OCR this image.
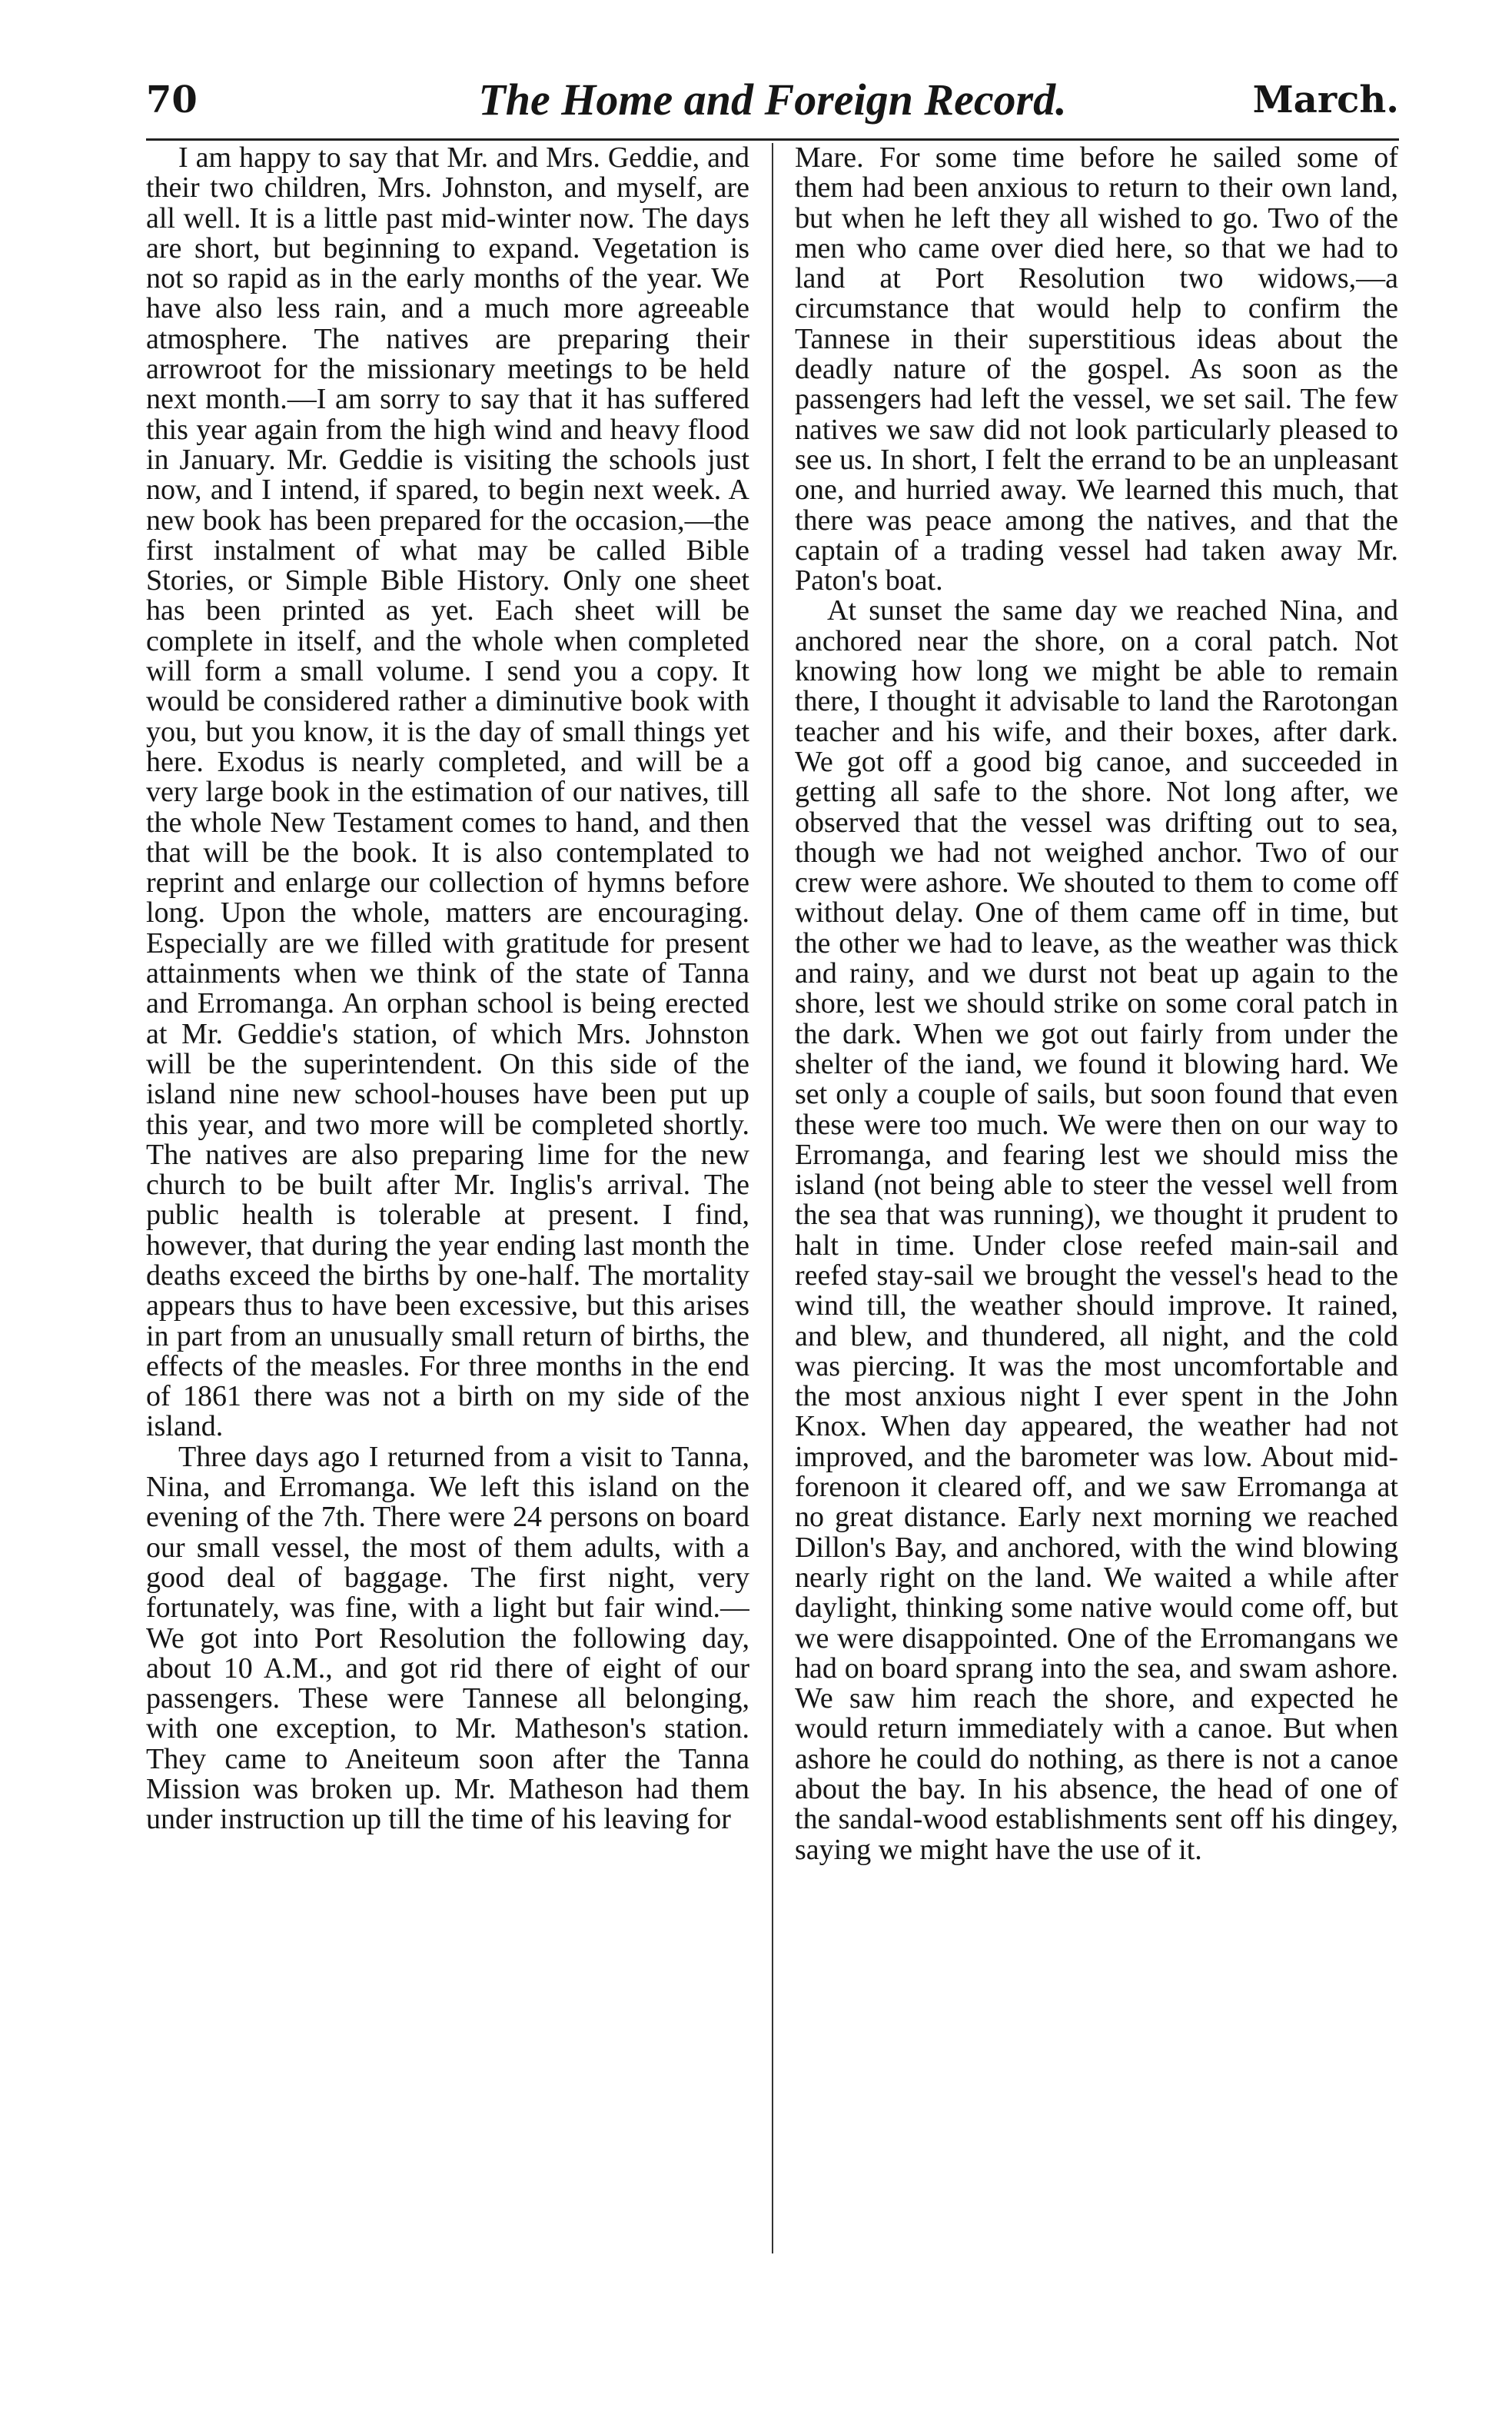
70	The Home and Foreign Record.	March.

I am happy to say that Mr. and Mrs. Geddie, and their two children, Mrs. Johnston, and myself, are all well. It is a little past mid-winter now. The days are short, but beginning to expand. Vegetation is not so rapid as in the early months of the year. We have also less rain, and a much more agreeable atmosphere. The natives are preparing their arrowroot for the missionary meetings to be held next month.—I am sorry to say that it has suffered this year again from the high wind and heavy flood in January. Mr. Geddie is visiting the schools just now, and I intend, if spared, to begin next week. A new book has been prepared for the occasion,—the first instalment of what may be called Bible Stories, or Simple Bible History. Only one sheet has been printed as yet. Each sheet will be complete in itself, and the whole when completed will form a small volume. I send you a copy. It would be considered rather a diminutive book with you, but you know, it is the day of small things yet here. Exodus is nearly completed, and will be a very large book in the estimation of our natives, till the whole New Testament comes to hand, and then that will be the book. It is also contemplated to reprint and enlarge our collection of hymns before long. Upon the whole, matters are encouraging. Especially are we filled with gratitude for present attainments when we think of the state of Tanna and Erromanga. An orphan school is being erected at Mr. Geddie's station, of which Mrs. Johnston will be the superintendent. On this side of the island nine new school-houses have been put up this year, and two more will be completed shortly. The natives are also preparing lime for the new church to be built after Mr. Inglis's arrival. The public health is tolerable at present. I find, however, that during the year ending last month the deaths exceed the births by one-half. The mortality appears thus to have been excessive, but this arises in part from an unusually small return of births, the effects of the measles. For three months in the end of 1861 there was not a birth on my side of the island.

Three days ago I returned from a visit to Tanna, Nina, and Erromanga. We left this island on the evening of the 7th. There were 24 persons on board our small vessel, the most of them adults, with a good deal of baggage. The first night, very fortunately, was fine, with a light but fair wind.—We got into Port Resolution the following day, about 10 A.M., and got rid there of eight of our passengers. These were Tannese all belonging, with one exception, to Mr. Matheson's station. They came to Aneiteum soon after the Tanna Mission was broken up. Mr. Matheson had them under instruction up till the time of his leaving for

Mare. For some time before he sailed some of them had been anxious to return to their own land, but when he left they all wished to go. Two of the men who came over died here, so that we had to land at Port Resolution two widows,—a circumstance that would help to confirm the Tannese in their superstitious ideas about the deadly nature of the gospel. As soon as the passengers had left the vessel, we set sail. The few natives we saw did not look particularly pleased to see us. In short, I felt the errand to be an unpleasant one, and hurried away. We learned this much, that there was peace among the natives, and that the captain of a trading vessel had taken away Mr. Paton's boat.

At sunset the same day we reached Nina, and anchored near the shore, on a coral patch. Not knowing how long we might be able to remain there, I thought it advisable to land the Rarotongan teacher and his wife, and their boxes, after dark. We got off a good big canoe, and succeeded in getting all safe to the shore. Not long after, we observed that the vessel was drifting out to sea, though we had not weighed anchor. Two of our crew were ashore. We shouted to them to come off without delay. One of them came off in time, but the other we had to leave, as the weather was thick and rainy, and we durst not beat up again to the shore, lest we should strike on some coral patch in the dark. When we got out fairly from under the shelter of the iand, we found it blowing hard. We set only a couple of sails, but soon found that even these were too much. We were then on our way to Erromanga, and fearing lest we should miss the island (not being able to steer the vessel well from the sea that was running), we thought it prudent to halt in time. Under close reefed main-sail and reefed stay-sail we brought the vessel's head to the wind till, the weather should improve. It rained, and blew, and thundered, all night, and the cold was piercing. It was the most uncomfortable and the most anxious night I ever spent in the John Knox. When day appeared, the weather had not improved, and the barometer was low. About mid-forenoon it cleared off, and we saw Erromanga at no great distance. Early next morning we reached Dillon's Bay, and anchored, with the wind blowing nearly right on the land. We waited a while after daylight, thinking some native would come off, but we were disappointed. One of the Erromangans we had on board sprang into the sea, and swam ashore. We saw him reach the shore, and expected he would return immediately with a canoe. But when ashore he could do nothing, as there is not a canoe about the bay. In his absence, the head of one of the sandal-wood establishments sent off his dingey, saying we might have the use of it.
